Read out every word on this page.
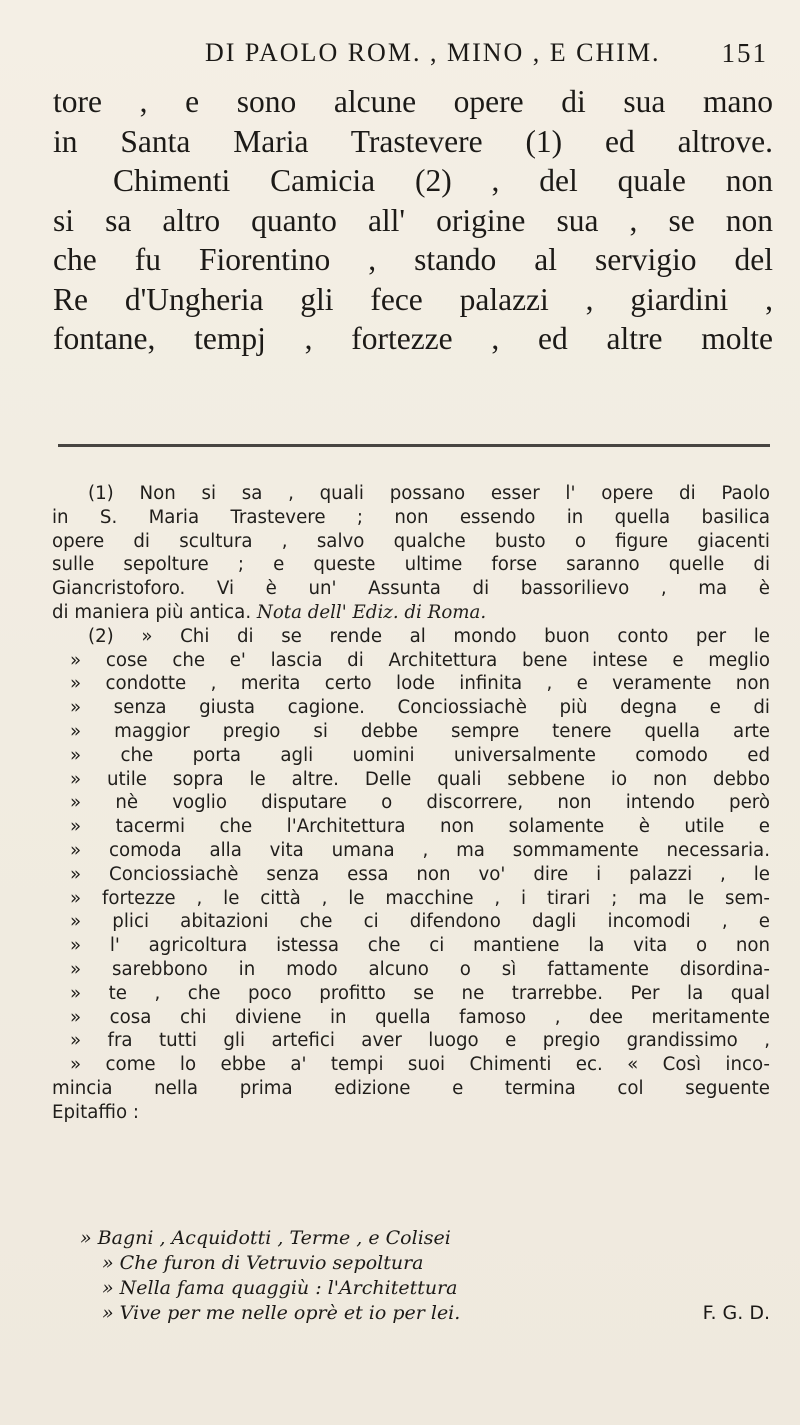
DI PAOLO ROM. , MINO , E CHIM. 151
tore , e sono alcune opere di sua mano
in Santa Maria Trastevere (1) ed altrove.
Chimenti Camicia (2) , del quale non
si sa altro quanto all' origine sua , se non
che fu Fiorentino , stando al servigio del
Re d'Ungheria gli fece palazzi , giardini ,
fontane, tempj , fortezze , ed altre molte
(1) Non si sa , quali possano esser l' opere di Paolo
in S. Maria Trastevere ; non essendo in quella basilica
opere di scultura , salvo qualche busto o figure giacenti
sulle sepolture ; e queste ultime forse saranno quelle di
Giancristoforo. Vi è un' Assunta di bassorilievo , ma è
di maniera più antica. Nota dell' Ediz. di Roma.
(2) » Chi di se rende al mondo buon conto per le
» cose che e' lascia di Architettura bene intese e meglio
» condotte , merita certo lode infinita , e veramente non
» senza giusta cagione. Conciossiachè più degna e di
» maggior pregio si debbe sempre tenere quella arte
» che porta agli uomini universalmente comodo ed
» utile sopra le altre. Delle quali sebbene io non debbo
» nè voglio disputare o discorrere, non intendo però
» tacermi che l'Architettura non solamente è utile e
» comoda alla vita umana , ma sommamente necessaria.
» Conciossiachè senza essa non vo' dire i palazzi , le
» fortezze , le città , le macchine , i tirari ; ma le sem-
» plici abitazioni che ci difendono dagli incomodi , e
» l' agricoltura istessa che ci mantiene la vita o non
» sarebbono in modo alcuno o sì fattamente disordina-
» te , che poco profitto se ne trarrebbe. Per la qual
» cosa chi diviene in quella famoso , dee meritamente
» fra tutti gli artefici aver luogo e pregio grandissimo ,
» come lo ebbe a' tempi suoi Chimenti ec. « Così inco-
mincia nella prima edizione e termina col seguente
Epitaffio :
» Bagni , Acquidotti , Terme , e Colisei
» Che furon di Vetruvio sepoltura
» Nella fama quaggiù : l'Architettura
» Vive per me nelle oprè et io per lei.	F. G. D.
